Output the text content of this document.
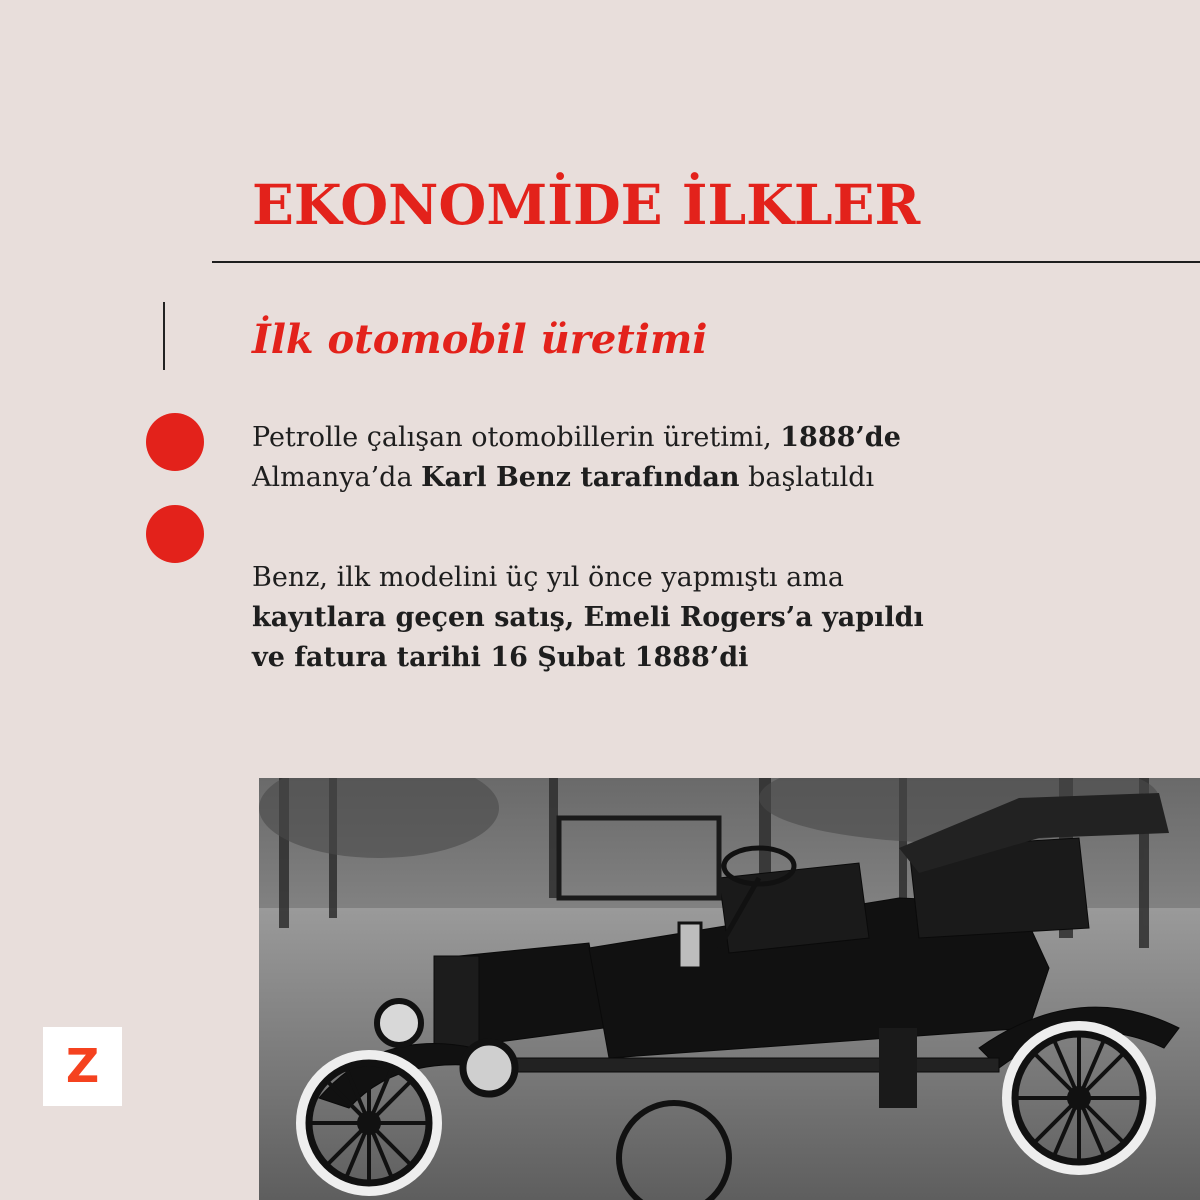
EKONOMİDE İLKLER
İlk otomobil üretimi

Petrolle çalışan otomobillerin üretimi, 1888’de
Almanya’da Karl Benz tarafından başlatıldı

Benz, ilk modelini üç yıl önce yapmıştı ama
kayıtlara geçen satış, Emeli Rogers’a yapıldı
ve fatura tarihi 16 Şubat 1888’di

Z
